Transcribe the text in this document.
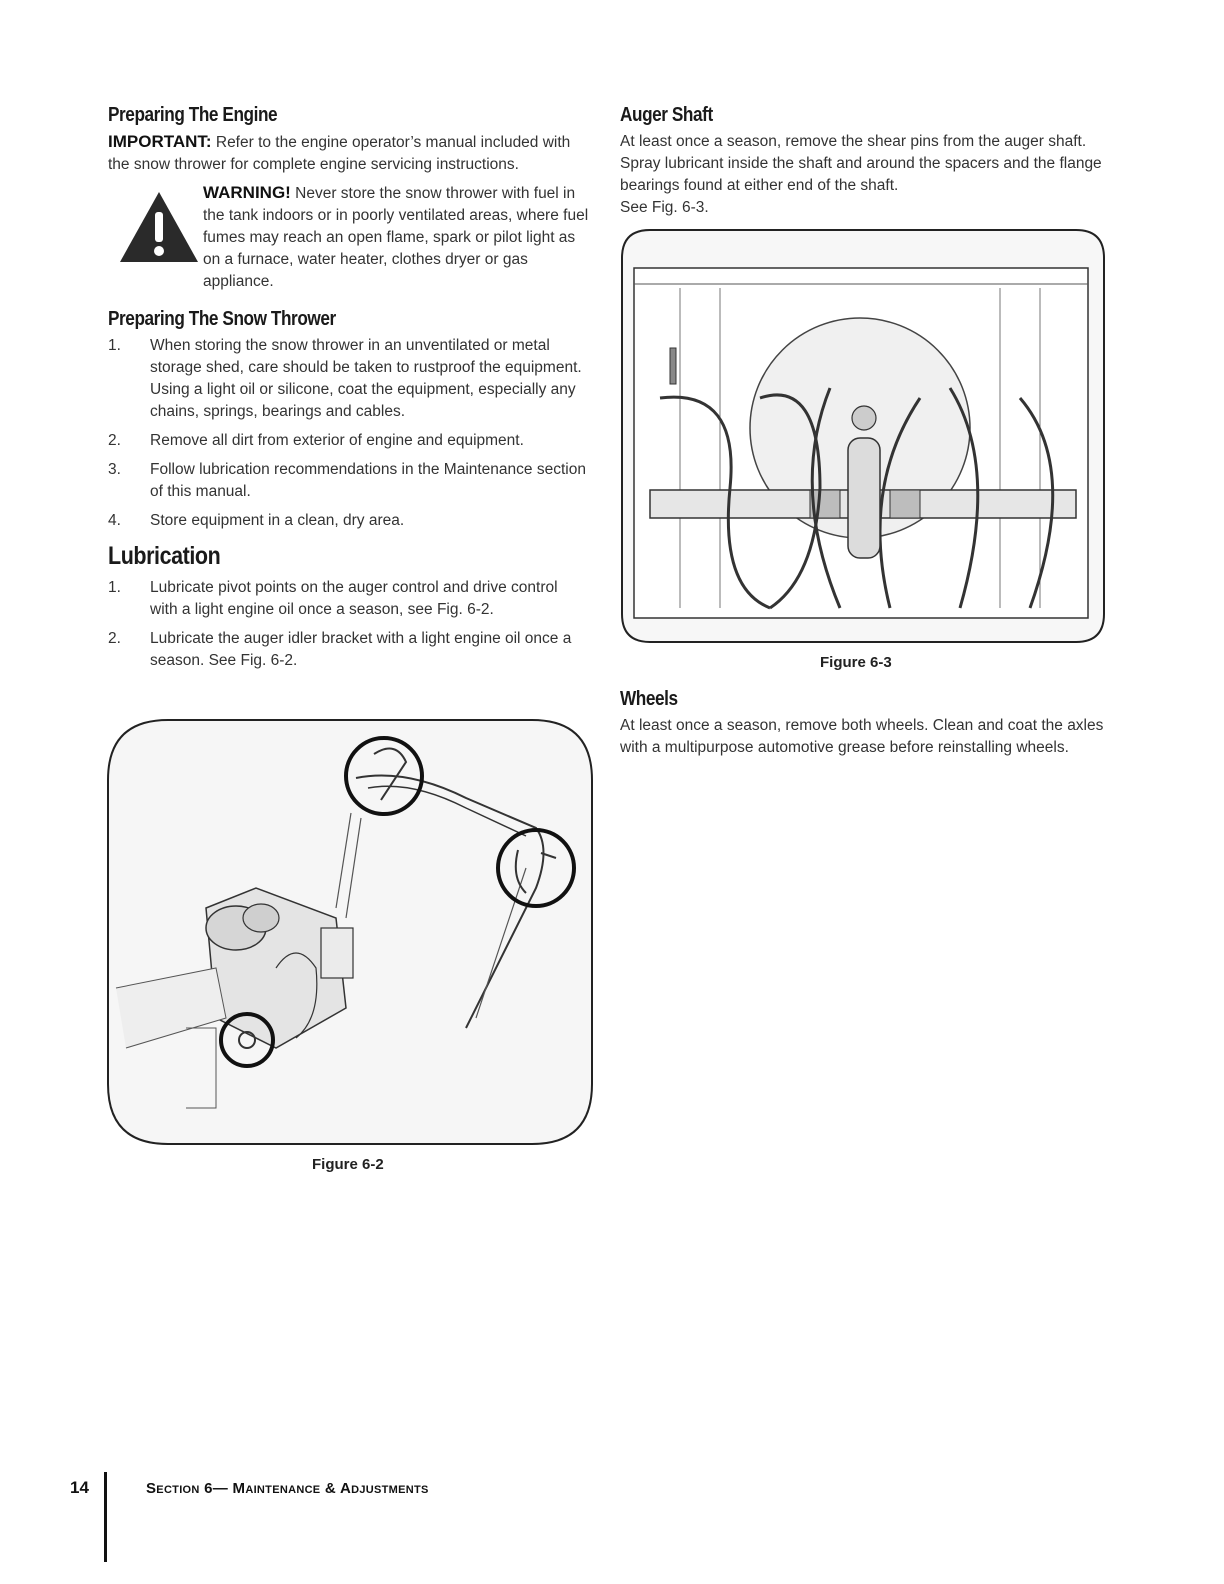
Preparing The Engine

IMPORTANT: Refer to the engine operator’s manual included with the snow thrower for complete engine servicing instructions.

WARNING! Never store the snow thrower with fuel in the tank indoors or in poorly ventilated areas, where fuel fumes may reach an open flame, spark or pilot light as on a furnace, water heater, clothes dryer or gas appliance.
Preparing The Snow Thrower
1. When storing the snow thrower in an unventilated or metal storage shed, care should be taken to rustproof the equipment. Using a light oil or silicone, coat the equipment, especially any chains, springs, bearings and cables.
2. Remove all dirt from exterior of engine and equipment.
3. Follow lubrication recommendations in the Maintenance section of this manual.
4. Store equipment in a clean, dry area.
Lubrication
1. Lubricate pivot points on the auger control and drive control with a light engine oil once a season, see Fig. 6-2.
2. Lubricate the auger idler bracket with a light engine oil once a season. See Fig. 6-2.
Figure 6-2
Auger Shaft

At least once a season, remove the shear pins from the auger shaft. Spray lubricant inside the shaft and around the spacers and the flange bearings found at either end of the shaft.

See Fig. 6-3.

Figure 6-3
Wheels

At least once a season, remove both wheels. Clean and coat the axles with a multipurpose automotive grease before reinstalling wheels.

14	Section 6— Maintenance & Adjustments
